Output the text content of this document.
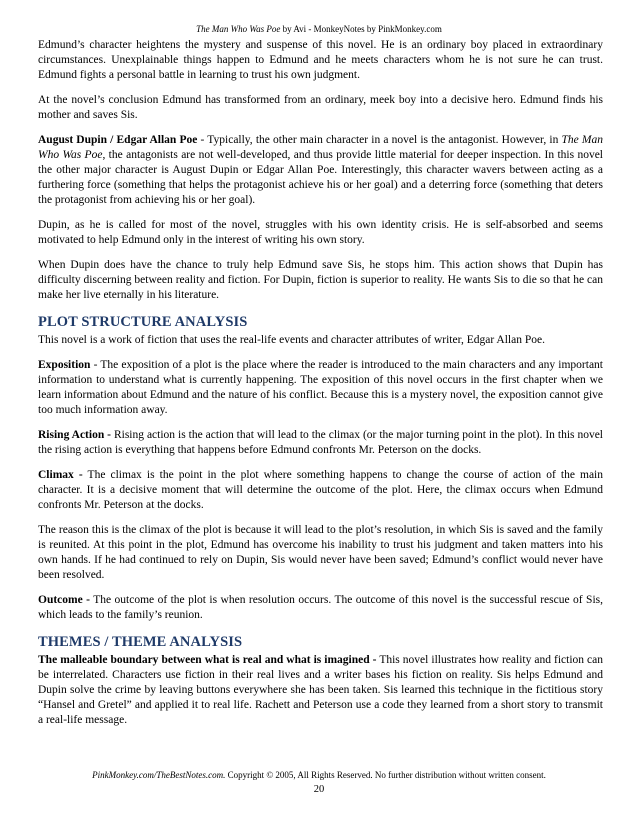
The Man Who Was Poe by Avi - MonkeyNotes by PinkMonkey.com

Edmund’s character heightens the mystery and suspense of this novel. He is an ordinary boy placed in extraordinary circumstances. Unexplainable things happen to Edmund and he meets characters whom he is not sure he can trust. Edmund fights a personal battle in learning to trust his own judgment.

At the novel’s conclusion Edmund has transformed from an ordinary, meek boy into a decisive hero. Edmund finds his mother and saves Sis.

August Dupin / Edgar Allan Poe - Typically, the other main character in a novel is the antagonist. However, in The Man Who Was Poe, the antagonists are not well-developed, and thus provide little material for deeper inspection. In this novel the other major character is August Dupin or Edgar Allan Poe. Interestingly, this character wavers between acting as a furthering force (something that helps the protagonist achieve his or her goal) and a deterring force (something that deters the protagonist from achieving his or her goal).

Dupin, as he is called for most of the novel, struggles with his own identity crisis. He is self-absorbed and seems motivated to help Edmund only in the interest of writing his own story.

When Dupin does have the chance to truly help Edmund save Sis, he stops him. This action shows that Dupin has difficulty discerning between reality and fiction. For Dupin, fiction is superior to reality. He wants Sis to die so that he can make her live eternally in his literature.

PLOT STRUCTURE ANALYSIS

This novel is a work of fiction that uses the real-life events and character attributes of writer, Edgar Allan Poe.

Exposition - The exposition of a plot is the place where the reader is introduced to the main characters and any important information to understand what is currently happening. The exposition of this novel occurs in the first chapter when we learn information about Edmund and the nature of his conflict. Because this is a mystery novel, the exposition cannot give too much information away.

Rising Action - Rising action is the action that will lead to the climax (or the major turning point in the plot). In this novel the rising action is everything that happens before Edmund confronts Mr. Peterson on the docks.

Climax - The climax is the point in the plot where something happens to change the course of action of the main character. It is a decisive moment that will determine the outcome of the plot. Here, the climax occurs when Edmund confronts Mr. Peterson at the docks.

The reason this is the climax of the plot is because it will lead to the plot’s resolution, in which Sis is saved and the family is reunited. At this point in the plot, Edmund has overcome his inability to trust his judgment and taken matters into his own hands. If he had continued to rely on Dupin, Sis would never have been saved; Edmund’s conflict would never have been resolved.

Outcome - The outcome of the plot is when resolution occurs. The outcome of this novel is the successful rescue of Sis, which leads to the family’s reunion.

THEMES / THEME ANALYSIS

The malleable boundary between what is real and what is imagined - This novel illustrates how reality and fiction can be interrelated. Characters use fiction in their real lives and a writer bases his fiction on reality. Sis helps Edmund and Dupin solve the crime by leaving buttons everywhere she has been taken. Sis learned this technique in the fictitious story “Hansel and Gretel” and applied it to real life. Rachett and Peterson use a code they learned from a short story to transmit a real-life message.

PinkMonkey.com/TheBestNotes.com. Copyright © 2005, All Rights Reserved. No further distribution without written consent.
20
